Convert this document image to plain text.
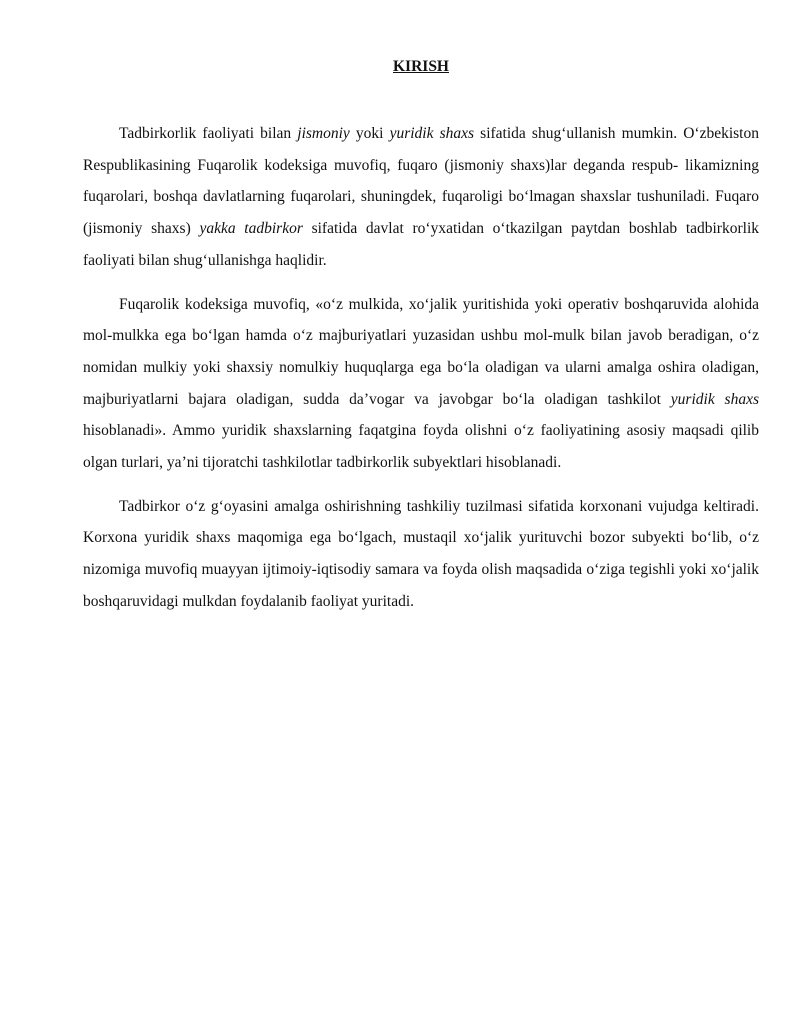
KIRISH

Tadbirkorlik faoliyati bilan jismoniy yoki yuridik shaxs sifatida shug‘ullanish mumkin. O‘zbekiston Respublikasining Fuqarolik kodeksiga muvofiq, fuqaro (jismoniy shaxs)lar deganda respub- likamizning fuqarolari, boshqa davlatlarning fuqarolari, shuningdek, fuqaroligi bo‘lmagan shaxslar tushuniladi. Fuqaro (jismoniy shaxs) yakka tadbirkor sifatida davlat ro‘yxatidan o‘tkazilgan paytdan boshlab tadbirkorlik faoliyati bilan shug‘ullanishga haqlidir.

Fuqarolik kodeksiga muvofiq, «o‘z mulkida, xo‘jalik yuritishida yoki operativ boshqaruvida alohida mol-mulkka ega bo‘lgan hamda o‘z majburiyatlari yuzasidan ushbu mol-mulk bilan javob beradigan, o‘z nomidan mulkiy yoki shaxsiy nomulkiy huquqlarga ega bo‘la oladigan va ularni amalga oshira oladigan, majburiyatlarni bajara oladigan, sudda da’vogar va javobgar bo‘la oladigan tashkilot yuridik shaxs hisoblanadi». Ammo yuridik shaxslarning faqatgina foyda olishni o‘z faoliyatining asosiy maqsadi qilib olgan turlari, ya’ni tijoratchi tashkilotlar tadbirkorlik subyektlari hisoblanadi.

Tadbirkor o‘z g‘oyasini amalga oshirishning tashkiliy tuzilmasi sifatida korxonani vujudga keltiradi. Korxona yuridik shaxs maqomiga ega bo‘lgach, mustaqil xo‘jalik yurituvchi bozor subyekti bo‘lib, o‘z nizomiga muvofiq muayyan ijtimoiy-iqtisodiy samara va foyda olish maqsadida o‘ziga tegishli yoki xo‘jalik boshqaruvidagi mulkdan foydalanib faoliyat yuritadi.
